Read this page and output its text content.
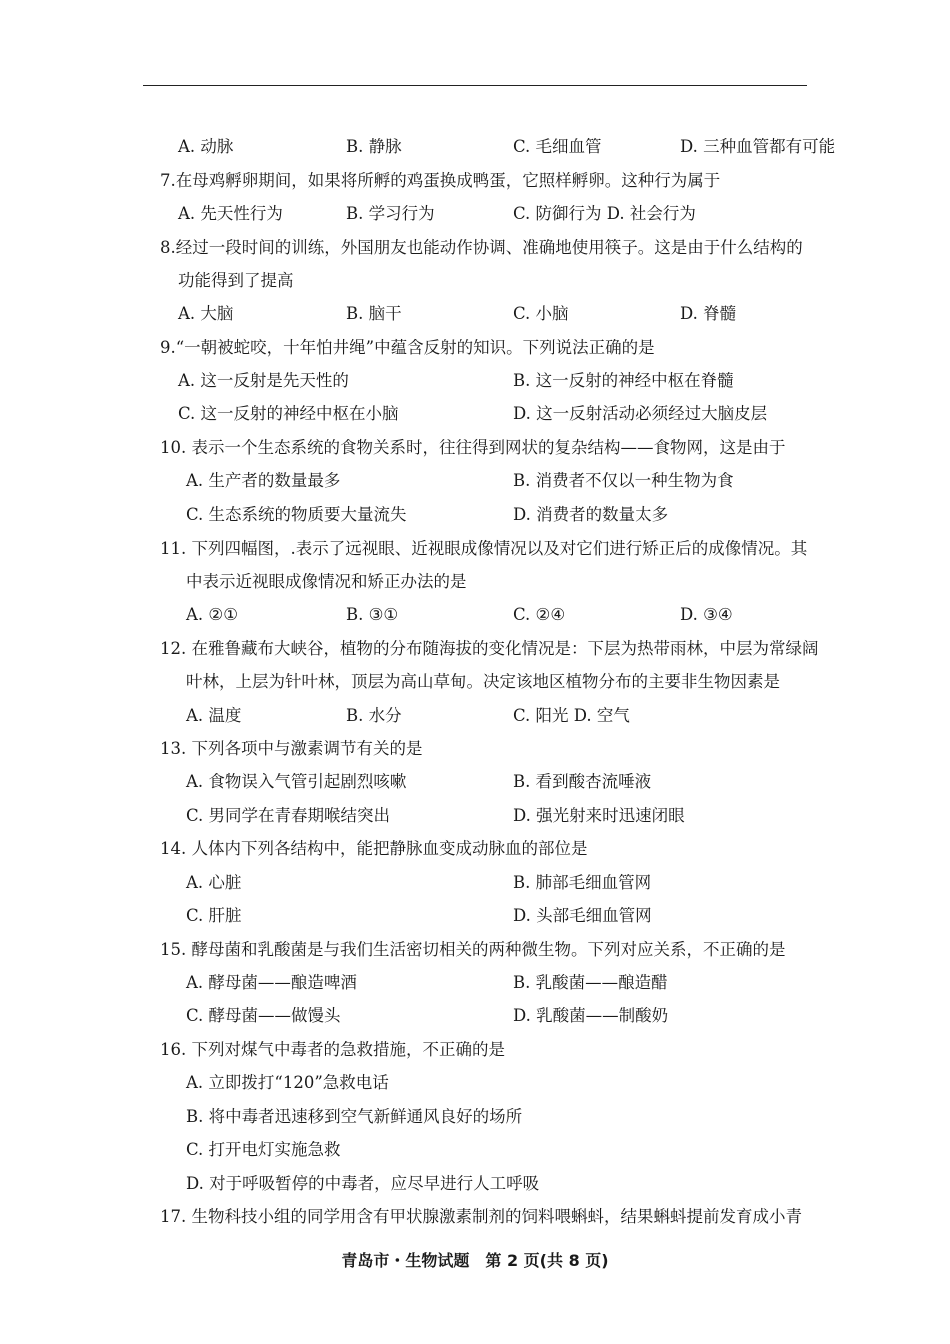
A. 动脉	B. 静脉	C. 毛细血管	D. 三种血管都有可能
7.在母鸡孵卵期间，如果将所孵的鸡蛋换成鸭蛋，它照样孵卵。这种行为属于
A. 先天性行为	B. 学习行为	C. 防御行为 D. 社会行为
8.经过一段时间的训练，外国朋友也能动作协调、准确地使用筷子。这是由于什么结构的
功能得到了提高
A. 大脑	B. 脑干	C. 小脑	D. 脊髓
9.“一朝被蛇咬，十年怕井绳”中蕴含反射的知识。下列说法正确的是
A. 这一反射是先天性的	B. 这一反射的神经中枢在脊髓
C. 这一反射的神经中枢在小脑	D. 这一反射活动必须经过大脑皮层
10. 表示一个生态系统的食物关系时，往往得到网状的复杂结构——食物网，这是由于
A. 生产者的数量最多	B. 消费者不仅以一种生物为食
C. 生态系统的物质要大量流失	D. 消费者的数量太多
11. 下列四幅图，.表示了远视眼、近视眼成像情况以及对它们进行矫正后的成像情况。其
中表示近视眼成像情况和矫正办法的是
A. ②①	B. ③①	C. ②④	D. ③④
12. 在雅鲁藏布大峡谷，植物的分布随海拔的变化情况是：下层为热带雨林，中层为常绿阔
叶林，上层为针叶林，顶层为高山草甸。决定该地区植物分布的主要非生物因素是
A. 温度	B. 水分	C. 阳光 D. 空气
13. 下列各项中与激素调节有关的是
A. 食物误入气管引起剧烈咳嗽	B. 看到酸杏流唾液
C. 男同学在青春期喉结突出	D. 强光射来时迅速闭眼
14. 人体内下列各结构中，能把静脉血变成动脉血的部位是
A. 心脏	B. 肺部毛细血管网
C. 肝脏	D. 头部毛细血管网
15. 酵母菌和乳酸菌是与我们生活密切相关的两种微生物。下列对应关系，不正确的是
A. 酵母菌——酿造啤酒	B. 乳酸菌——酿造醋
C. 酵母菌——做馒头	D. 乳酸菌——制酸奶
16. 下列对煤气中毒者的急救措施，不正确的是
A. 立即拨打“120”急救电话
B. 将中毒者迅速移到空气新鲜通风良好的场所
C. 打开电灯实施急救
D. 对于呼吸暂停的中毒者，应尽早进行人工呼吸
17. 生物科技小组的同学用含有甲状腺激素制剂的饲料喂蝌蚪，结果蝌蚪提前发育成小青
青岛市・生物试题　第 2 页(共 8 页)
